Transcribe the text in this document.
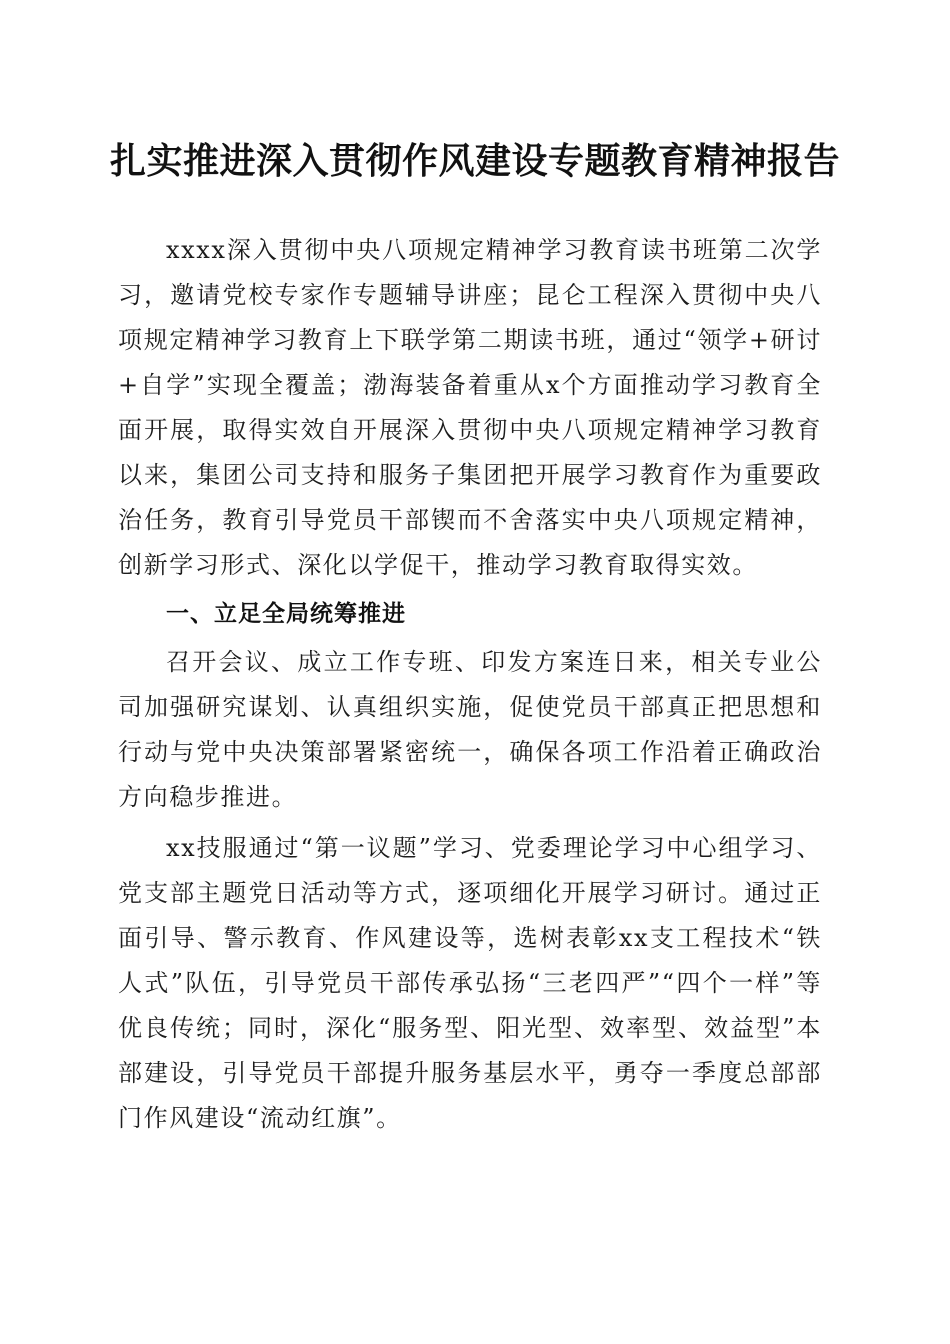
扎实推进深入贯彻作风建设专题教育精神报告

xxxx深入贯彻中央八项规定精神学习教育读书班第二次学习，邀请党校专家作专题辅导讲座；昆仑工程深入贯彻中央八项规定精神学习教育上下联学第二期读书班，通过“领学+研讨+自学”实现全覆盖；渤海装备着重从x个方面推动学习教育全面开展，取得实效自开展深入贯彻中央八项规定精神学习教育以来，集团公司支持和服务子集团把开展学习教育作为重要政治任务，教育引导党员干部锲而不舍落实中央八项规定精神，创新学习形式、深化以学促干，推动学习教育取得实效。

一、立足全局统筹推进

召开会议、成立工作专班、印发方案连日来，相关专业公司加强研究谋划、认真组织实施，促使党员干部真正把思想和行动与党中央决策部署紧密统一，确保各项工作沿着正确政治方向稳步推进。

xx技服通过“第一议题”学习、党委理论学习中心组学习、党支部主题党日活动等方式，逐项细化开展学习研讨。通过正面引导、警示教育、作风建设等，选树表彰xx支工程技术“铁人式”队伍，引导党员干部传承弘扬“三老四严”“四个一样”等优良传统；同时，深化“服务型、阳光型、效率型、效益型”本部建设，引导党员干部提升服务基层水平，勇夺一季度总部部门作风建设“流动红旗”。
